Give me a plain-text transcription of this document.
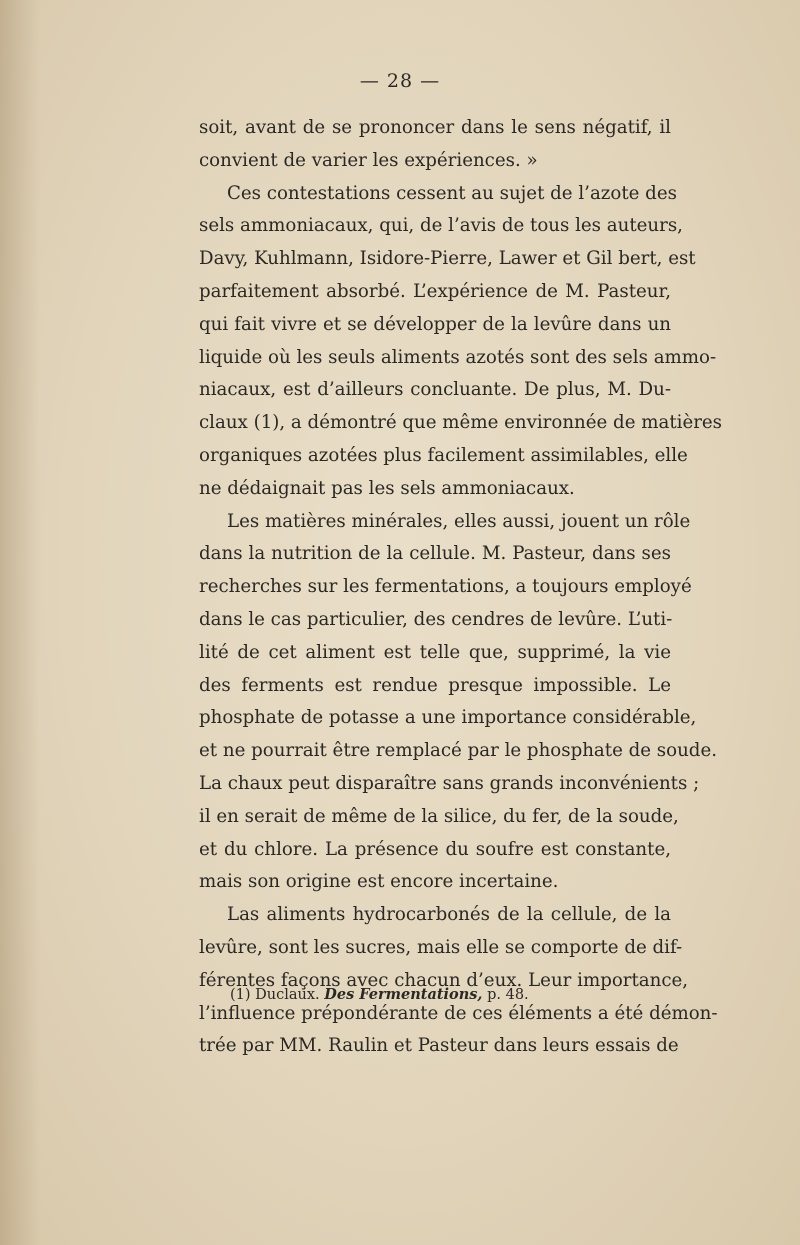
— 28 —
soit, avant de se prononcer dans le sens négatif, il
convient de varier les expériences. »
Ces contestations cessent au sujet de l’azote des
sels ammoniacaux, qui, de l’avis de tous les auteurs,
Davy, Kuhlmann, Isidore-Pierre, Lawer et Gil bert, est
parfaitement absorbé. L’expérience de M. Pasteur,
qui fait vivre et se développer de la levûre dans un
liquide où les seuls aliments azotés sont des sels ammo-
niacaux, est d’ailleurs concluante. De plus, M. Du-
claux (1), a démontré que même environnée de matières
organiques azotées plus facilement assimilables, elle
ne dédaignait pas les sels ammoniacaux.
Les matières minérales, elles aussi, jouent un rôle
dans la nutrition de la cellule. M. Pasteur, dans ses
recherches sur les fermentations, a toujours employé
dans le cas particulier, des cendres de levûre. L’uti-
lité de cet aliment est telle que, supprimé, la vie
des ferments est rendue presque impossible. Le
phosphate de potasse a une importance considérable,
et ne pourrait être remplacé par le phosphate de soude.
La chaux peut disparaître sans grands inconvénients ;
il en serait de même de la silice, du fer, de la soude,
et du chlore. La présence du soufre est constante,
mais son origine est encore incertaine.
Las aliments hydrocarbonés de la cellule, de la
levûre, sont les sucres, mais elle se comporte de dif-
férentes façons avec chacun d’eux. Leur importance,
l’influence prépondérante de ces éléments a été démon-
trée par MM. Raulin et Pasteur dans leurs essais de
(1) Duclaux. Des Fermentations, p. 48.
